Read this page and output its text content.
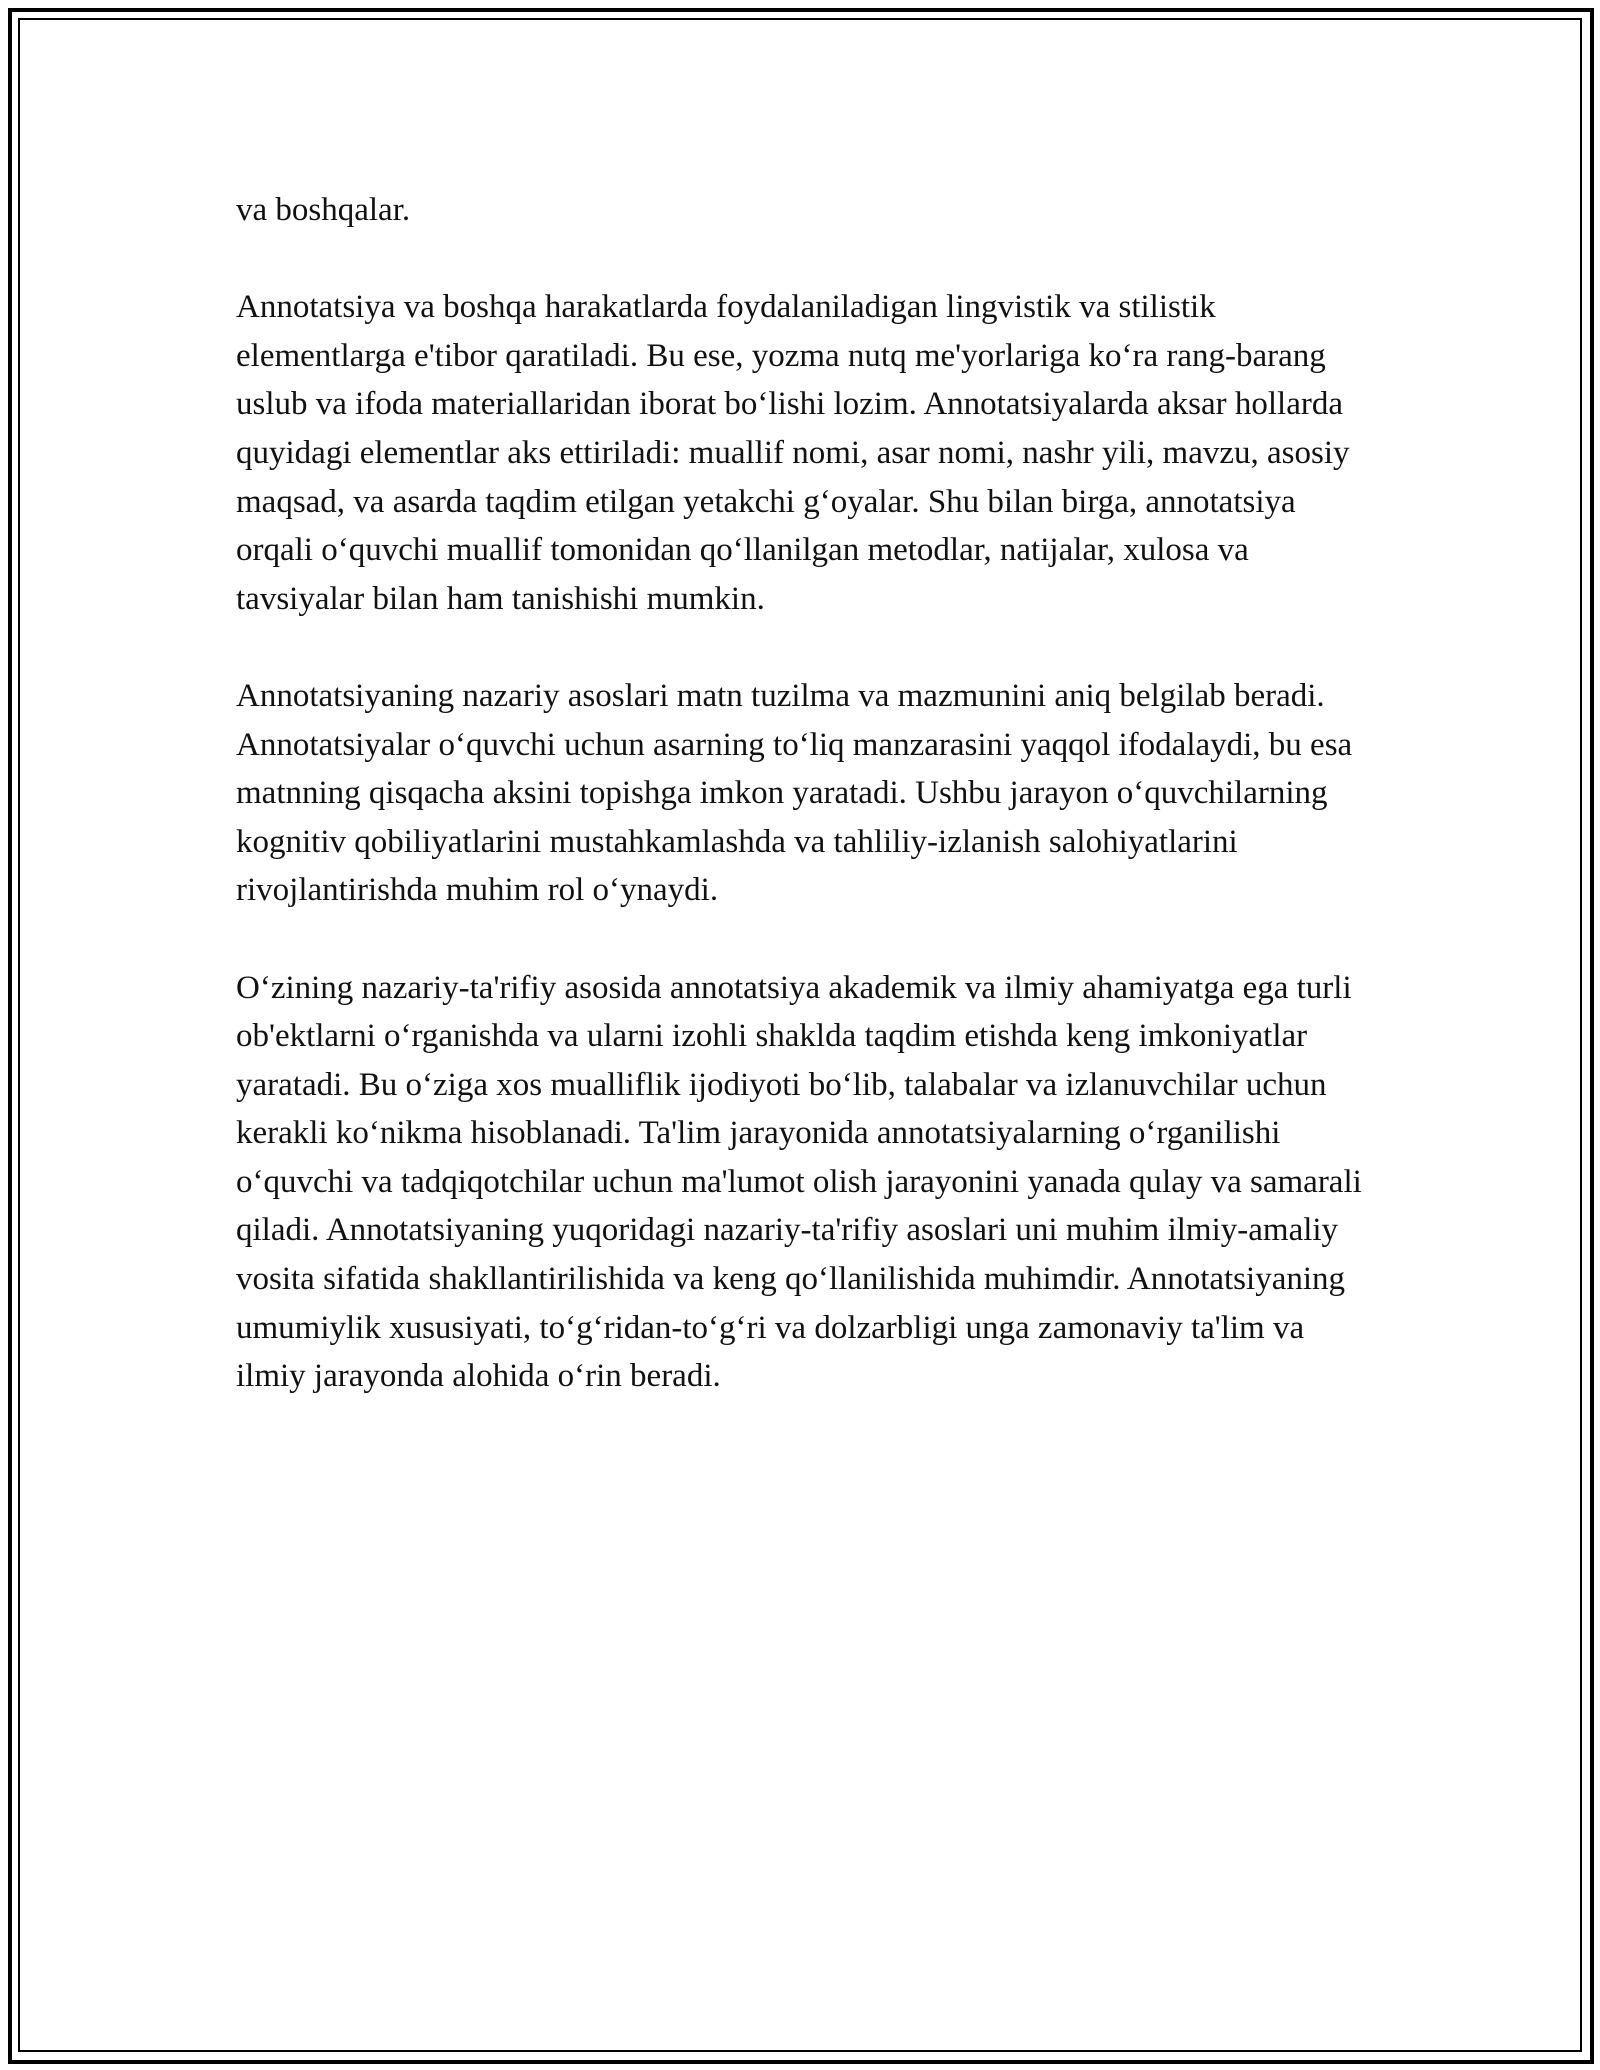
va boshqalar.

Annotatsiya va boshqa harakatlarda foydalaniladigan lingvistik va stilistik elementlarga e'tibor qaratiladi. Bu ese, yozma nutq me'yorlariga ko‘ra rang-barang uslub va ifoda materiallaridan iborat bo‘lishi lozim. Annotatsiyalarda aksar hollarda quyidagi elementlar aks ettiriladi: muallif nomi, asar nomi, nashr yili, mavzu, asosiy maqsad, va asarda taqdim etilgan yetakchi g‘oyalar. Shu bilan birga, annotatsiya orqali o‘quvchi muallif tomonidan qo‘llanilgan metodlar, natijalar, xulosa va tavsiyalar bilan ham tanishishi mumkin.

Annotatsiyaning nazariy asoslari matn tuzilma va mazmunini aniq belgilab beradi. Annotatsiyalar o‘quvchi uchun asarning to‘liq manzarasini yaqqol ifodalaydi, bu esa matnning qisqacha aksini topishga imkon yaratadi. Ushbu jarayon o‘quvchilarning kognitiv qobiliyatlarini mustahkamlashda va tahliliy-izlanish salohiyatlarini rivojlantirishda muhim rol o‘ynaydi.

O‘zining nazariy-ta'rifiy asosida annotatsiya akademik va ilmiy ahamiyatga ega turli ob'ektlarni o‘rganishda va ularni izohli shaklda taqdim etishda keng imkoniyatlar yaratadi. Bu o‘ziga xos mualliflik ijodiyoti bo‘lib, talabalar va izlanuvchilar uchun kerakli ko‘nikma hisoblanadi. Ta'lim jarayonida annotatsiyalarning o‘rganilishi o‘quvchi va tadqiqotchilar uchun ma'lumot olish jarayonini yanada qulay va samarali qiladi. Annotatsiyaning yuqoridagi nazariy-ta'rifiy asoslari uni muhim ilmiy-amaliy vosita sifatida shakllantirilishida va keng qo‘llanilishida muhimdir. Annotatsiyaning umumiylik xususiyati, to‘g‘ridan-to‘g‘ri va dolzarbligi unga zamonaviy ta'lim va ilmiy jarayonda alohida o‘rin beradi.
